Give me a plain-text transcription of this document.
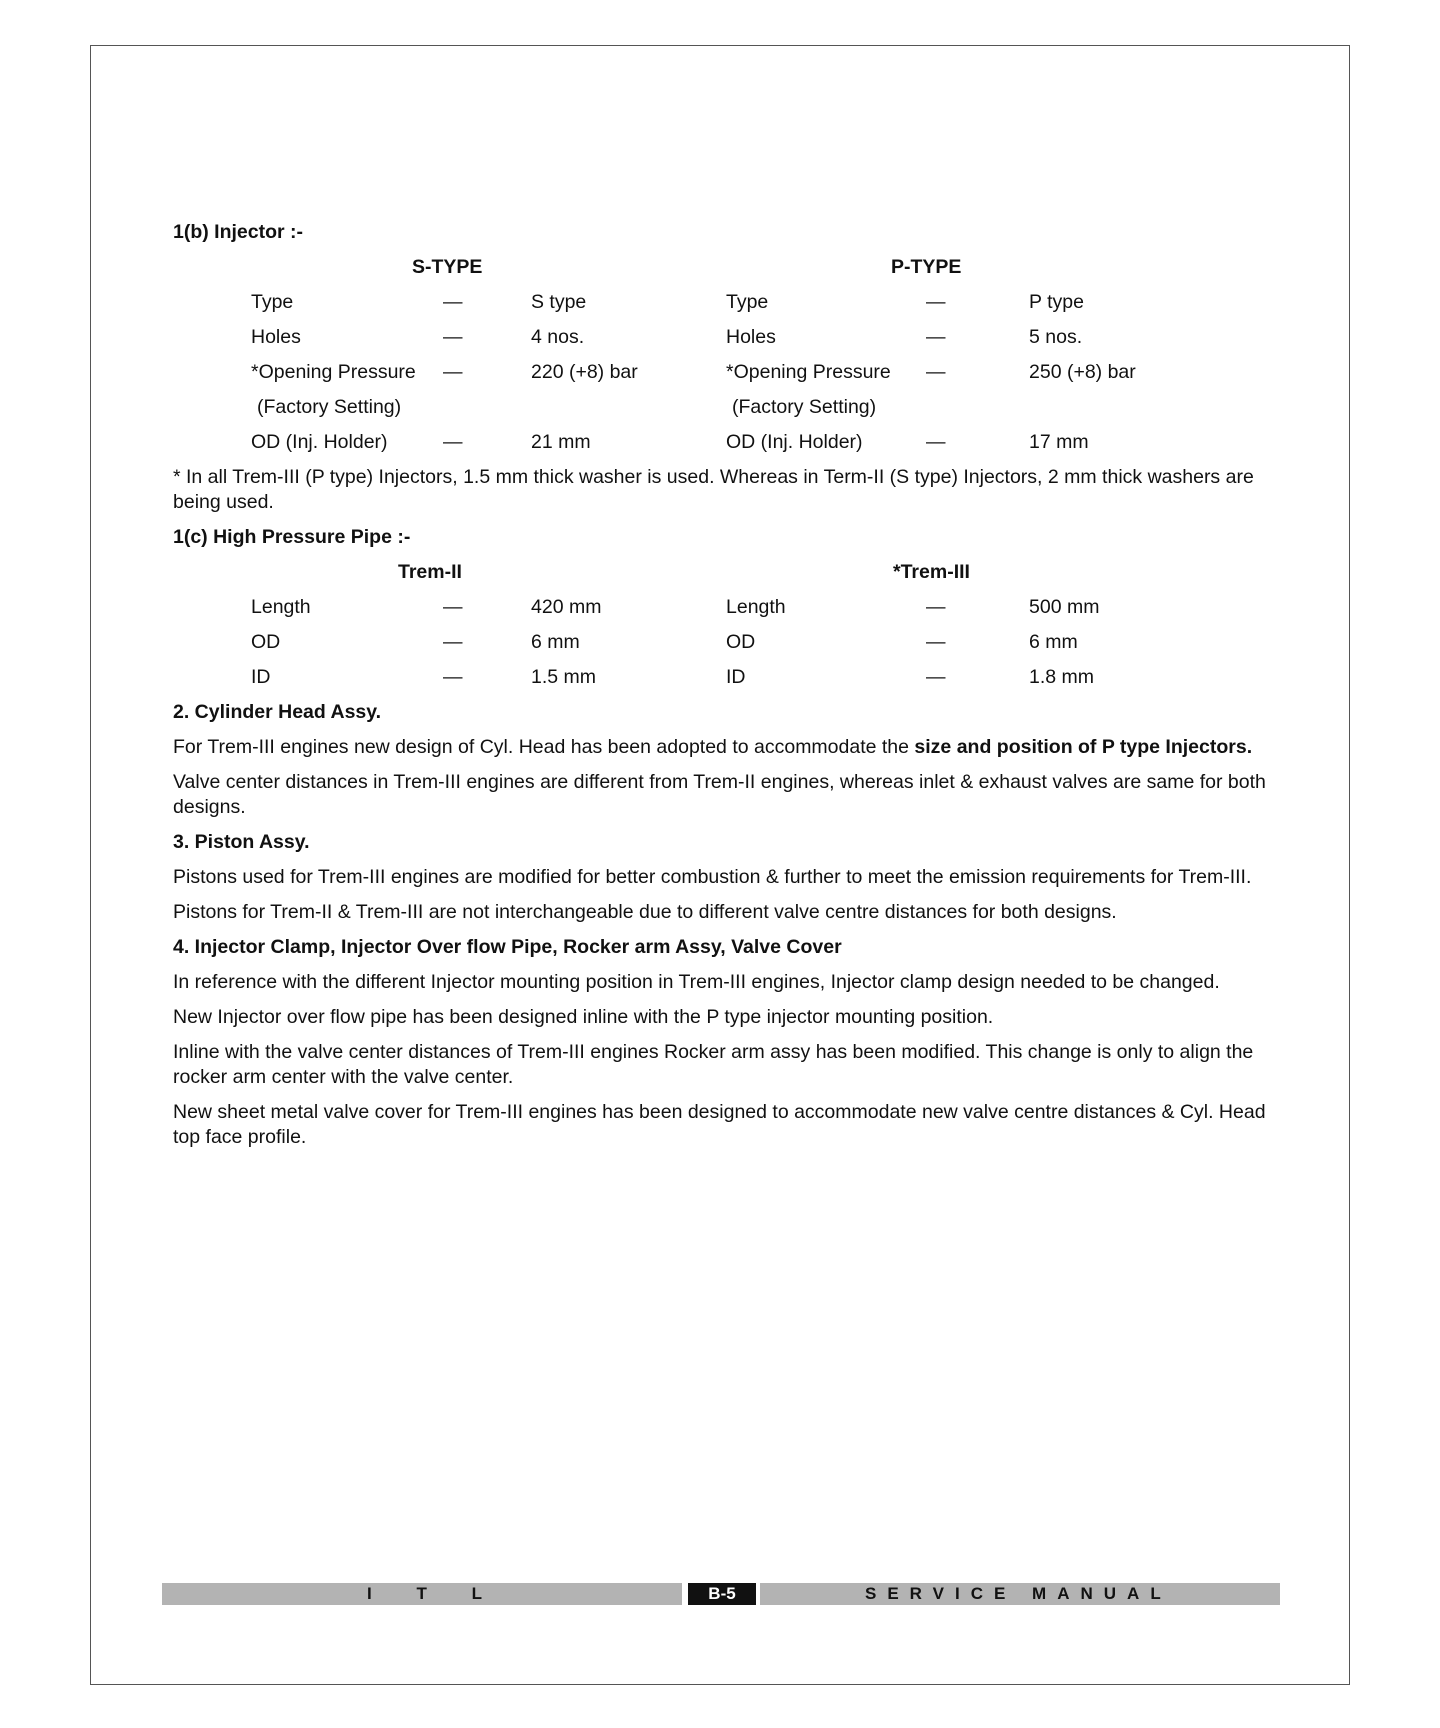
1(b) Injector :-
S-TYPE	P-TYPE
Type	—	S type	Type	—	P type
Holes	—	4 nos.	Holes	—	5 nos.
*Opening Pressure —	220 (+8) bar	*Opening Pressure —	250 (+8) bar
(Factory Setting)	(Factory Setting)
OD (Inj. Holder)	—	21 mm	OD (Inj. Holder)	—	17 mm

* In all Trem-III (P type) Injectors, 1.5 mm thick washer is used. Whereas in Term-II (S type) Injectors, 2 mm thick washers are being used.

1(c) High Pressure Pipe :-
Trem-II	*Trem-III
Length	—	420 mm	Length	—	500 mm
OD	—	6 mm	OD	—	6 mm
ID	—	1.5 mm	ID	—	1.8 mm
2. Cylinder Head Assy.

For Trem-III engines new design of Cyl. Head has been adopted to accommodate the size and position of P type Injectors.

Valve center distances in Trem-III engines are different from Trem-II engines, whereas inlet & exhaust valves are same for both designs.

3. Piston Assy.

Pistons used for Trem-III engines are modified for better combustion & further to meet the emission requirements for Trem-III.

Pistons for Trem-II & Trem-III are not interchangeable due to different valve centre distances for both designs.

4. Injector Clamp, Injector Over flow Pipe, Rocker arm Assy, Valve Cover

In reference with the different Injector mounting position in Trem-III engines, Injector clamp design needed to be changed.

New Injector over flow pipe has been designed inline with the P type injector mounting position.

Inline with the valve center distances of Trem-III engines Rocker arm assy has been modified. This change is only to align the rocker arm center with the valve center.

New sheet metal valve cover for Trem-III engines has been designed to accommodate new valve centre distances & Cyl. Head top face profile.

I	T	L	B-5	SERVICE MANUAL
